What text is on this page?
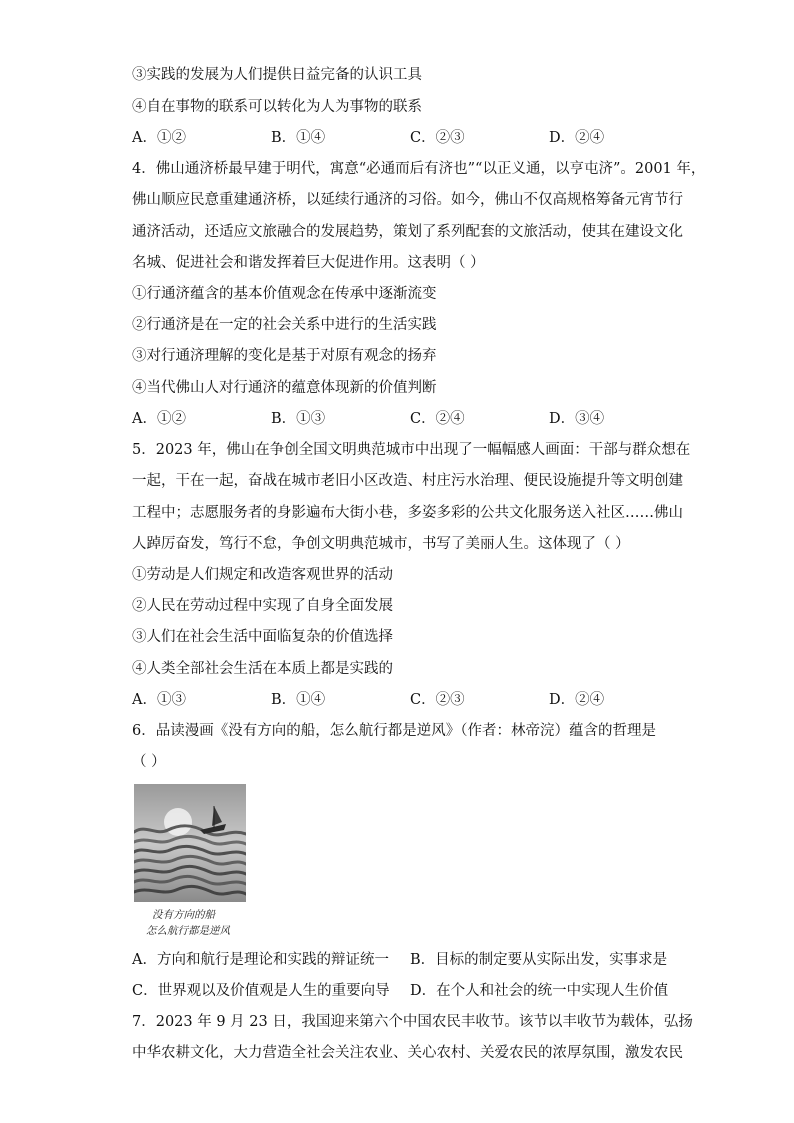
③实践的发展为人们提供日益完备的认识工具
④自在事物的联系可以转化为人为事物的联系
A．①②	B．①④	C．②③	D．②④
4．佛山通济桥最早建于明代，寓意“必通而后有济也”“以正义通，以亨屯济”。2001 年，
佛山顺应民意重建通济桥，以延续行通济的习俗。如今，佛山不仅高规格筹备元宵节行
通济活动，还适应文旅融合的发展趋势，策划了系列配套的文旅活动，使其在建设文化
名城、促进社会和谐发挥着巨大促进作用。这表明（ ）
①行通济蕴含的基本价值观念在传承中逐渐流变
②行通济是在一定的社会关系中进行的生活实践
③对行通济理解的变化是基于对原有观念的扬弃
④当代佛山人对行通济的蕴意体现新的价值判断
A．①②	B．①③	C．②④	D．③④
5．2023 年，佛山在争创全国文明典范城市中出现了一幅幅感人画面：干部与群众想在
一起，干在一起，奋战在城市老旧小区改造、村庄污水治理、便民设施提升等文明创建
工程中；志愿服务者的身影遍布大街小巷，多姿多彩的公共文化服务送入社区……佛山
人踔厉奋发，笃行不怠，争创文明典范城市，书写了美丽人生。这体现了（ ）
①劳动是人们规定和改造客观世界的活动
②人民在劳动过程中实现了自身全面发展
③人们在社会生活中面临复杂的价值选择
④人类全部社会生活在本质上都是实践的
A．①③	B．①④	C．②③	D．②④
6．品读漫画《没有方向的船，怎么航行都是逆风》（作者：林帝浣）蕴含的哲理是
（ ）
没有方向的船
怎么航行都是逆风
A．方向和航行是理论和实践的辩证统一 B．目标的制定要从实际出发，实事求是
C．世界观以及价值观是人生的重要向导 D．在个人和社会的统一中实现人生价值
7．2023 年 9 月 23 日，我国迎来第六个中国农民丰收节。该节以丰收节为载体，弘扬
中华农耕文化，大力营造全社会关注农业、关心农村、关爱农民的浓厚氛围，激发农民
